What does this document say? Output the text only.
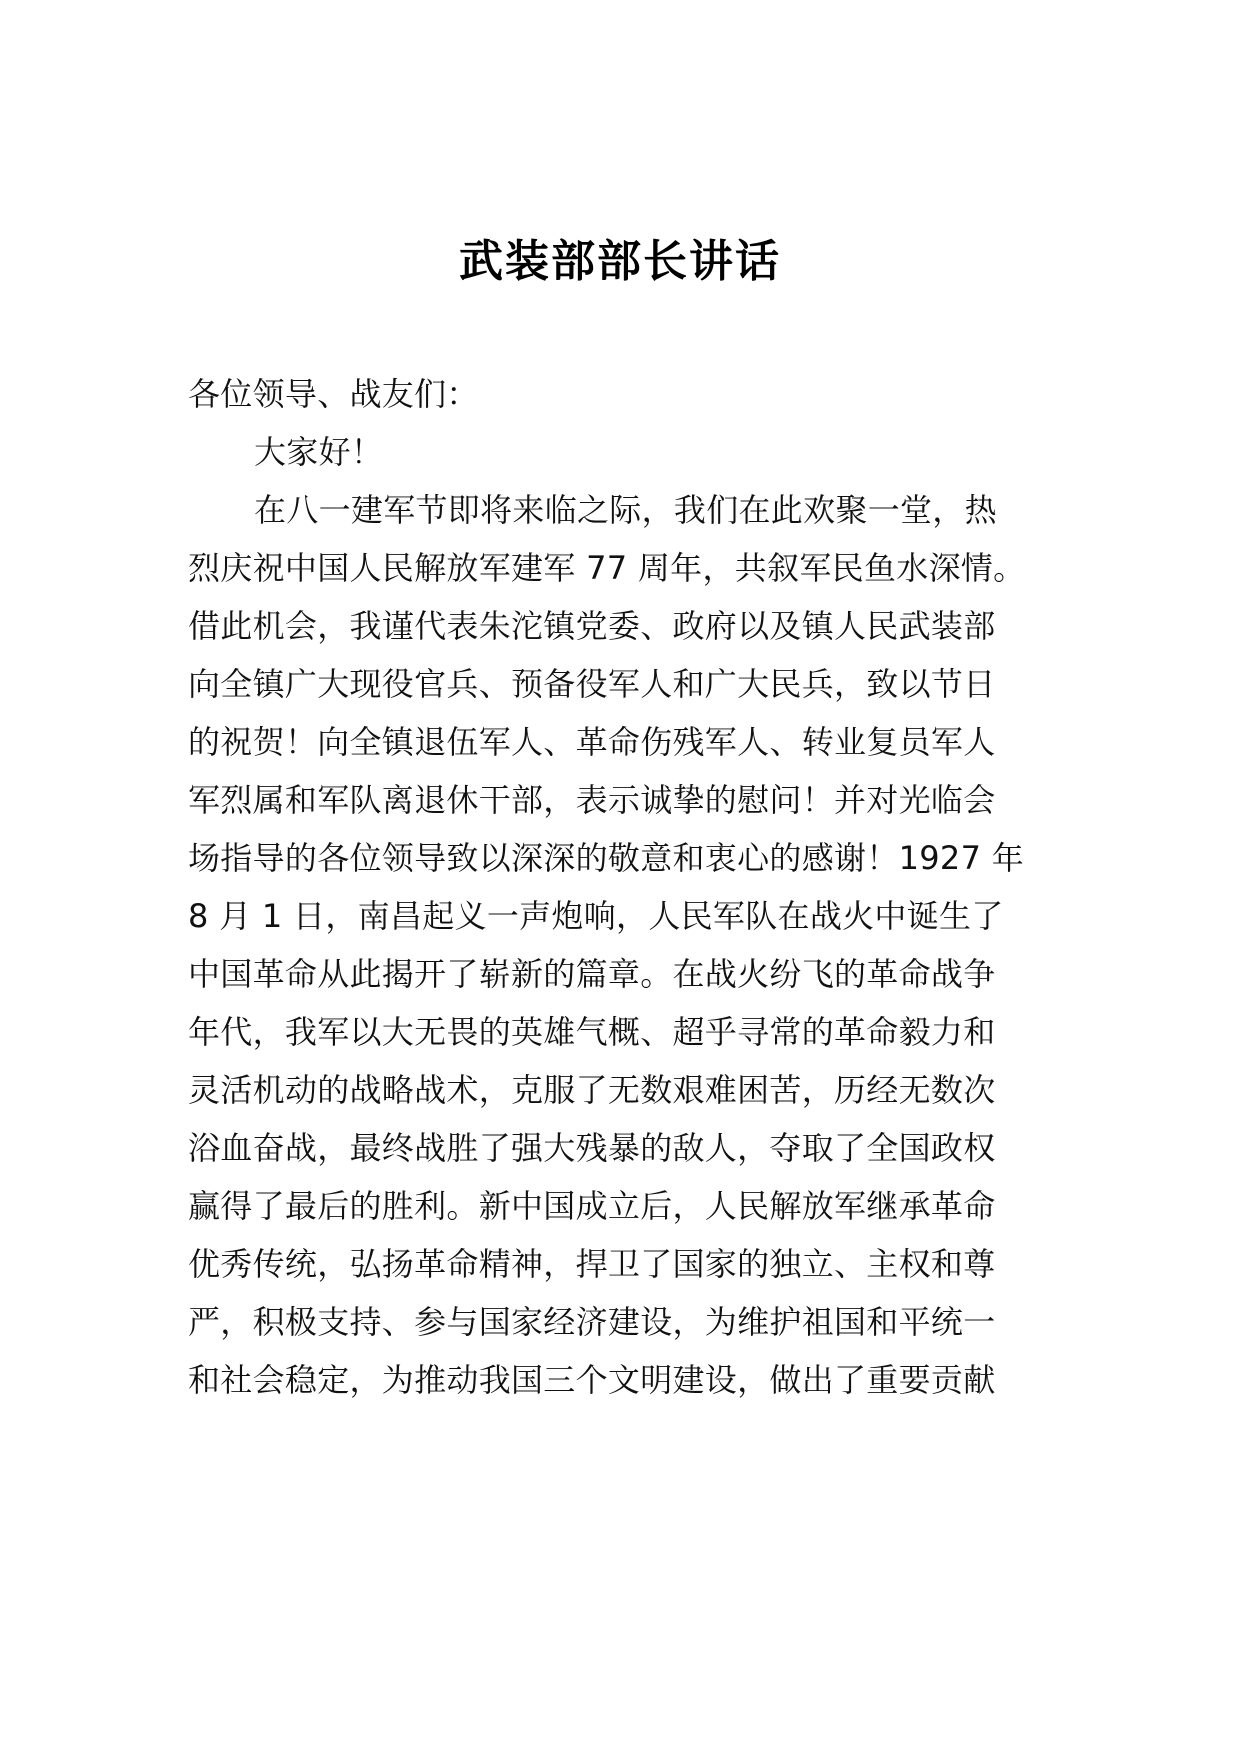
武装部部长讲话
各位领导、战友们：
大家好！
在八一建军节即将来临之际，我们在此欢聚一堂，热
烈庆祝中国人民解放军建军 77 周年，共叙军民鱼水深情。
借此机会，我谨代表朱沱镇党委、政府以及镇人民武装部
向全镇广大现役官兵、预备役军人和广大民兵，致以节日
的祝贺！向全镇退伍军人、革命伤残军人、转业复员军人
军烈属和军队离退休干部，表示诚挚的慰问！并对光临会
场指导的各位领导致以深深的敬意和衷心的感谢！1927 年
8 月 1 日，南昌起义一声炮响，人民军队在战火中诞生了
中国革命从此揭开了崭新的篇章。在战火纷飞的革命战争
年代，我军以大无畏的英雄气概、超乎寻常的革命毅力和
灵活机动的战略战术，克服了无数艰难困苦，历经无数次
浴血奋战，最终战胜了强大残暴的敌人，夺取了全国政权
赢得了最后的胜利。新中国成立后，人民解放军继承革命
优秀传统，弘扬革命精神，捍卫了国家的独立、主权和尊
严，积极支持、参与国家经济建设，为维护祖国和平统一
和社会稳定，为推动我国三个文明建设，做出了重要贡献
